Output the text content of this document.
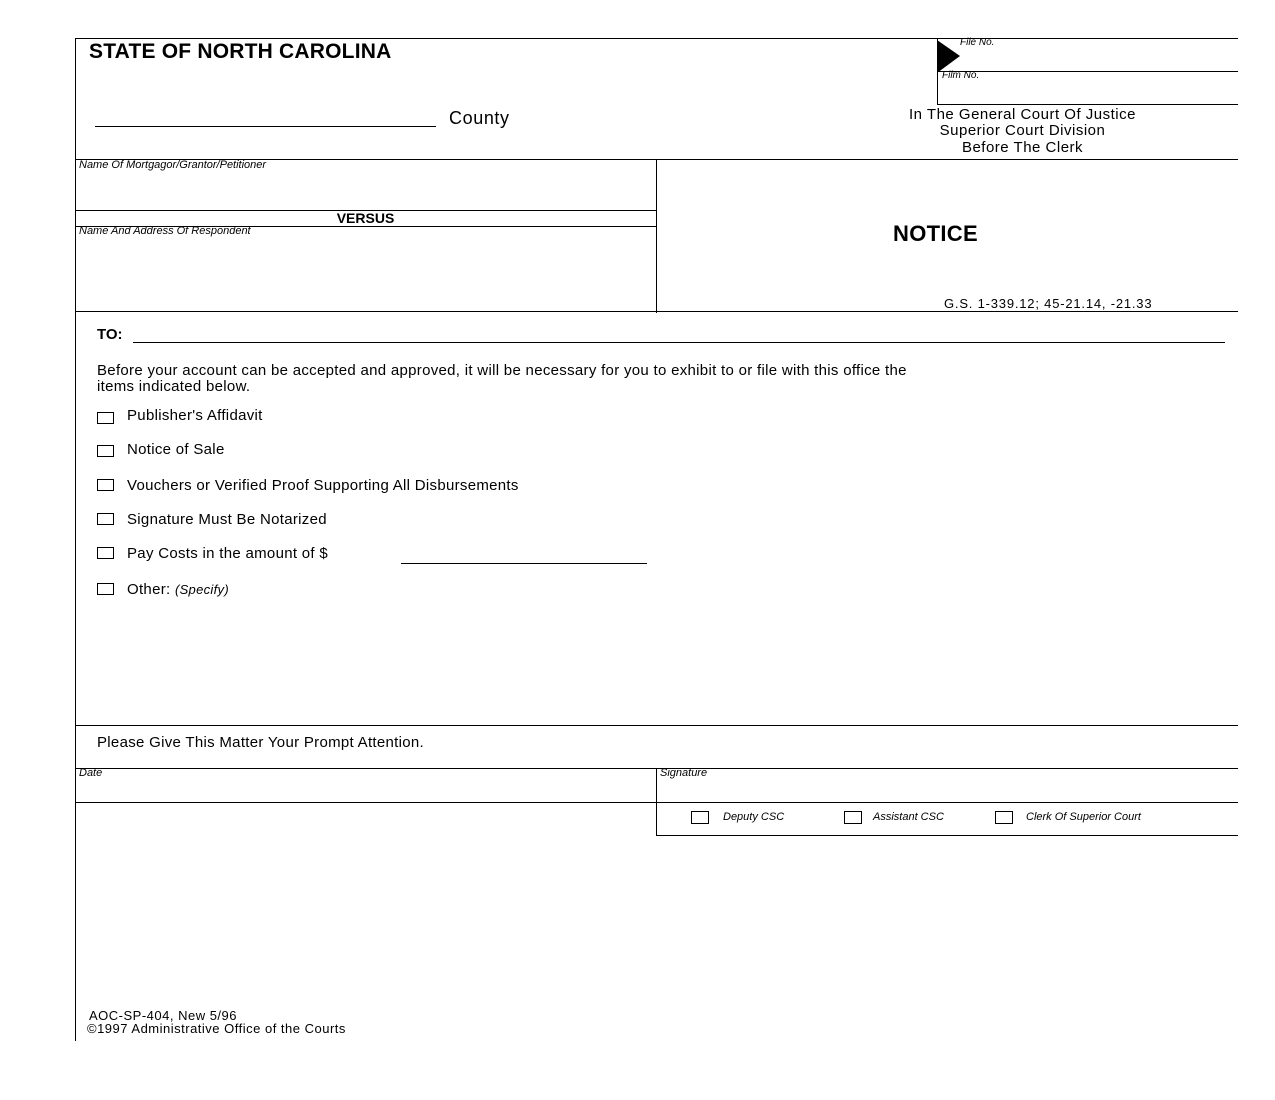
STATE OF NORTH CAROLINA
County
File No.
Film No.
In The General Court Of Justice
Superior Court Division
Before The Clerk
Name Of Mortgagor/Grantor/Petitioner
VERSUS
Name And Address Of Respondent	NOTICE
G.S. 1-339.12; 45-21.14, -21.33
TO:
Before your account can be accepted and approved, it will be necessary for you to exhibit to or file with this office the
items indicated below.
Publisher's Affidavit
Notice of Sale
Vouchers or Verified Proof Supporting All Disbursements
Signature Must Be Notarized
Pay Costs in the amount of $
Other: (Specify)
Please Give This Matter Your Prompt Attention.
Date	Signature
Deputy CSC	Assistant CSC	Clerk Of Superior Court
AOC-SP-404, New 5/96
©1997 Administrative Office of the Courts
